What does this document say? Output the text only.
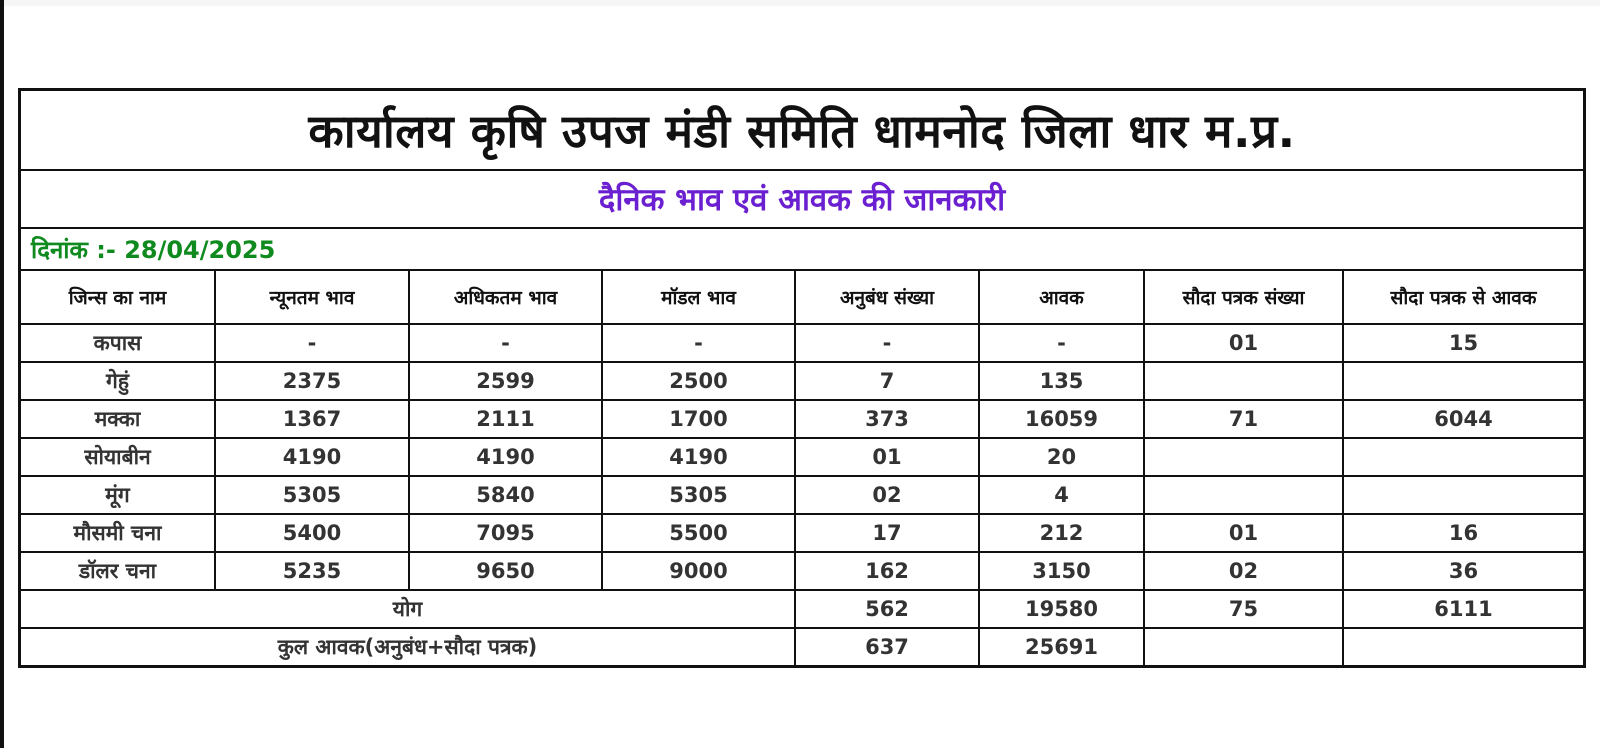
कार्यालय कृषि उपज मंडी समिति धामनोद जिला धार म.प्र.
दैनिक भाव एवं आवक की जानकारी
दिनांक :- 28/04/2025
जिन्स का नाम	न्यूनतम भाव	अधिकतम भाव	मॉडल भाव	अनुबंध संख्या	आवक	सौदा पत्रक संख्या	सौदा पत्रक से आवक
कपास	-	-	-	-	-	01	15
गेहुं	2375	2599	2500	7	135		
मक्का	1367	2111	1700	373	16059	71	6044
सोयाबीन	4190	4190	4190	01	20		
मूंग	5305	5840	5305	02	4		
मौसमी चना	5400	7095	5500	17	212	01	16
डॉलर चना	5235	9650	9000	162	3150	02	36
योग				562	19580	75	6111
कुल आवक(अनुबंध+सौदा पत्रक)				637	25691		
